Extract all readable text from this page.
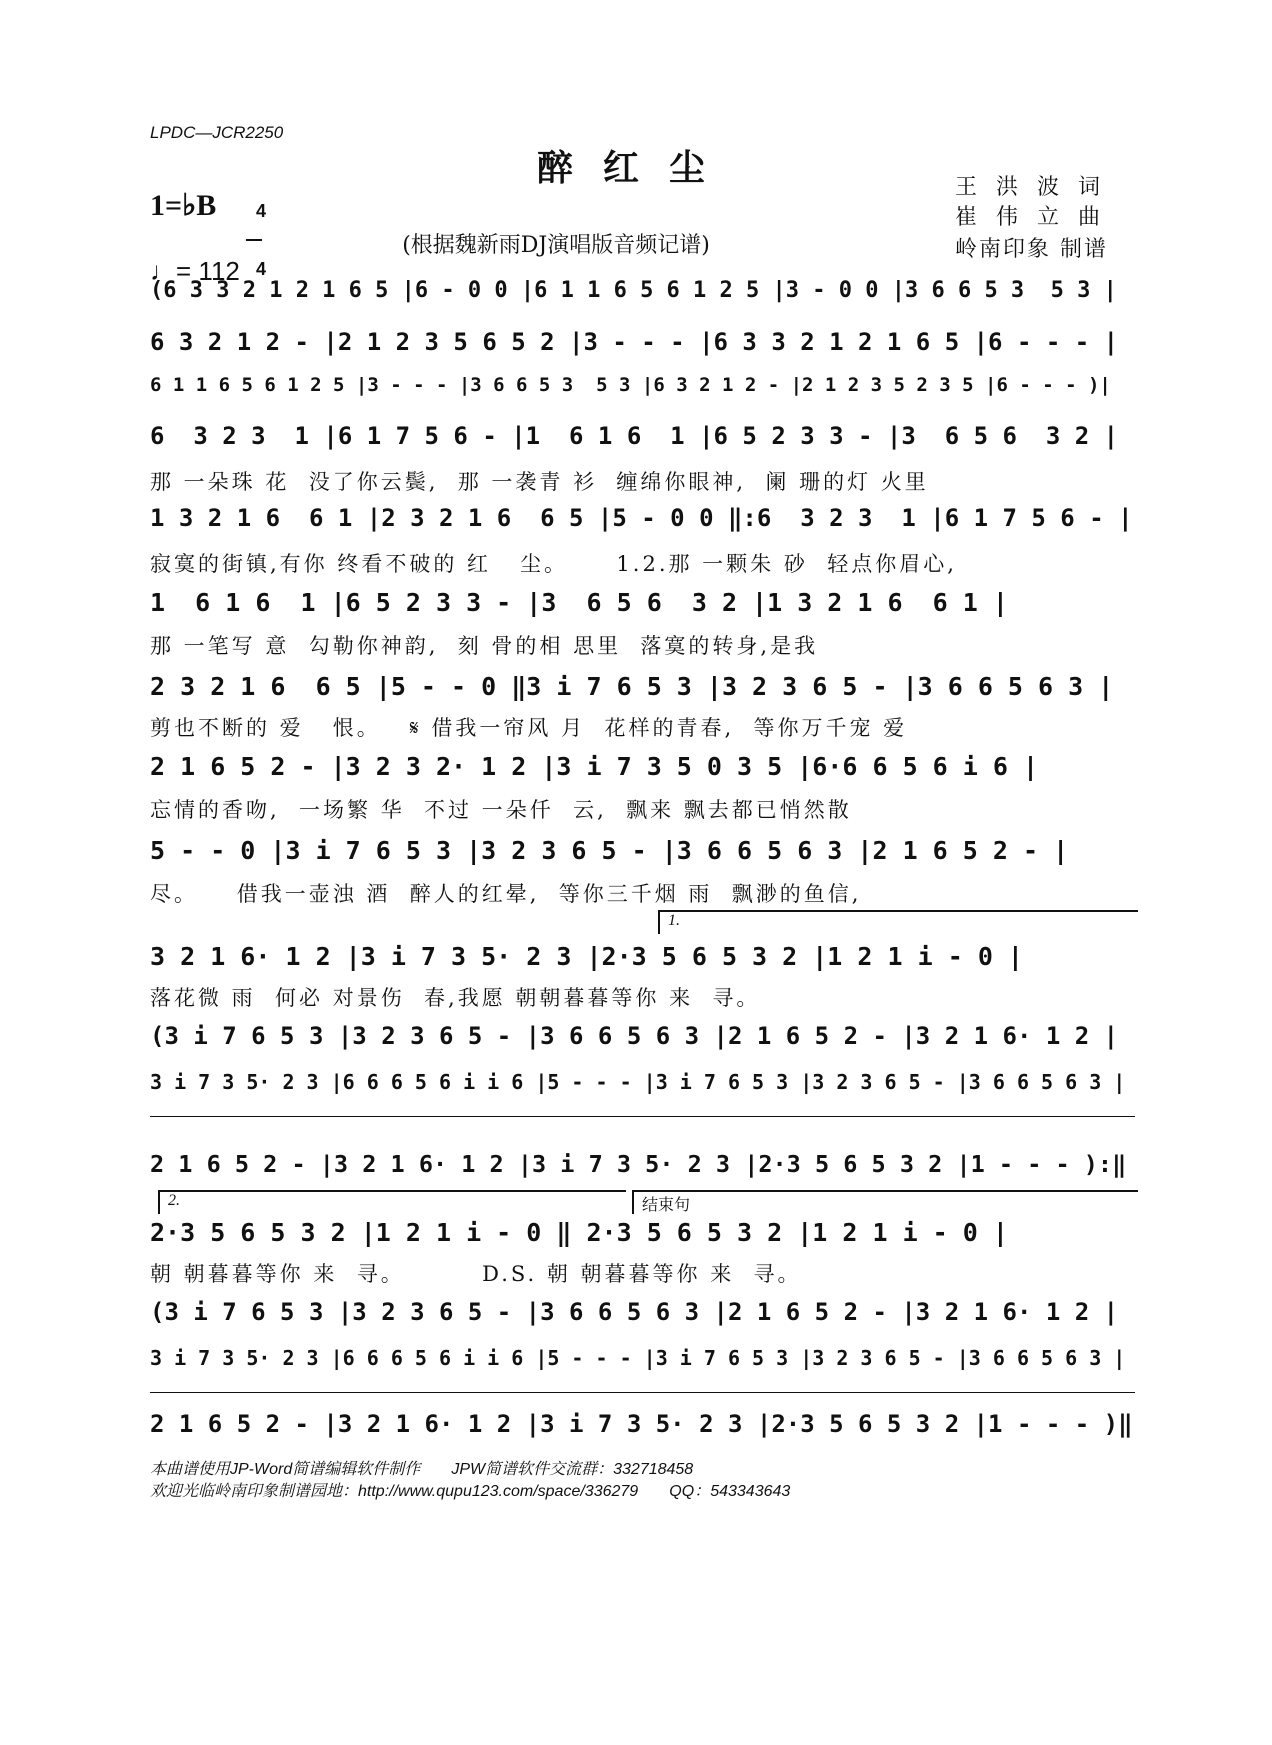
LPDC—JCR2250
醉红尘
1=♭B	4

4

♩= 112
(根据魏新雨DJ演唱版音频记谱)
王 洪 波 词
崔 伟 立 曲
岭南印象 制谱
(6 3 3 2 1 2 1 6 5 |6 - 0 0 |6 1 1 6 5 6 1 2 5 |3 - 0 0 |3 6 6 5 3  5 3 |
6 3 2 1 2 - |2 1 2 3 5 6 5 2 |3 - - - |6 3 3 2 1 2 1 6 5 |6 - - - |
6 1 1 6 5 6 1 2 5 |3 - - - |3 6 6 5 3  5 3 |6 3 2 1 2 - |2 1 2 3 5 2 3 5 |6 - - - )|
6  3 2 3  1 |6 1 7 5 6 - |1  6 1 6  1 |6 5 2 3 3 - |3  6 5 6  3 2 |
那 一朵珠 花  没了你云鬓,  那 一袭青 衫  缠绵你眼神,  阑 珊的灯 火里
1 3 2 1 6  6 1 |2 3 2 1 6  6 5 |5 - 0 0 ‖:6  3 2 3  1 |6 1 7 5 6 - |
寂寞的街镇,有你 终看不破的 红   尘。     1.2.那 一颗朱 砂  轻点你眉心,
1  6 1 6  1 |6 5 2 3 3 - |3  6 5 6  3 2 |1 3 2 1 6  6 1 |
那 一笔写 意  勾勒你神韵,  刻 骨的相 思里  落寞的转身,是我
2 3 2 1 6  6 5 |5 - - 0 ‖3 i 7 6 5 3 |3 2 3 6 5 - |3 6 6 5 6 3 |
剪也不断的 爱   恨。   𝄋 借我一帘风 月  花样的青春,  等你万千宠 爱
2 1 6 5 2 - |3 2 3 2· 1 2 |3 i 7 3 5 0 3 5 |6·6 6 5 6 i 6 |
忘情的香吻,  一场繁 华  不过 一朵仟  云,  飘来 飘去都已悄然散
5 - - 0 |3 i 7 6 5 3 |3 2 3 6 5 - |3 6 6 5 6 3 |2 1 6 5 2 - |
尽。    借我一壶浊 酒  醉人的红晕,  等你三千烟 雨  飘渺的鱼信,
1.
3 2 1 6· 1 2 |3 i 7 3 5· 2 3 |2·3 5 6 5 3 2 |1 2 1 i - 0 |
落花微 雨  何必 对景伤  春,我愿 朝朝暮暮等你 来  寻。
(3 i 7 6 5 3 |3 2 3 6 5 - |3 6 6 5 6 3 |2 1 6 5 2 - |3 2 1 6· 1 2 |
3 i 7 3 5· 2 3 |6 6 6 5 6 i i 6 |5 - - - |3 i 7 6 5 3 |3 2 3 6 5 - |3 6 6 5 6 3 |
2 1 6 5 2 - |3 2 1 6· 1 2 |3 i 7 3 5· 2 3 |2·3 5 6 5 3 2 |1 - - - ):‖
2.	结束句
2·3 5 6 5 3 2 |1 2 1 i - 0 ‖ 2·3 5 6 5 3 2 |1 2 1 i - 0 |
朝 朝暮暮等你 来  寻。        D.S. 朝 朝暮暮等你 来  寻。
(3 i 7 6 5 3 |3 2 3 6 5 - |3 6 6 5 6 3 |2 1 6 5 2 - |3 2 1 6· 1 2 |
3 i 7 3 5· 2 3 |6 6 6 5 6 i i 6 |5 - - - |3 i 7 6 5 3 |3 2 3 6 5 - |3 6 6 5 6 3 |
2 1 6 5 2 - |3 2 1 6· 1 2 |3 i 7 3 5· 2 3 |2·3 5 6 5 3 2 |1 - - - )‖
本曲谱使用JP-Word简谱编辑软件制作       JPW简谱软件交流群：332718458
欢迎光临岭南印象制谱园地：http://www.qupu123.com/space/336279       QQ：543343643
